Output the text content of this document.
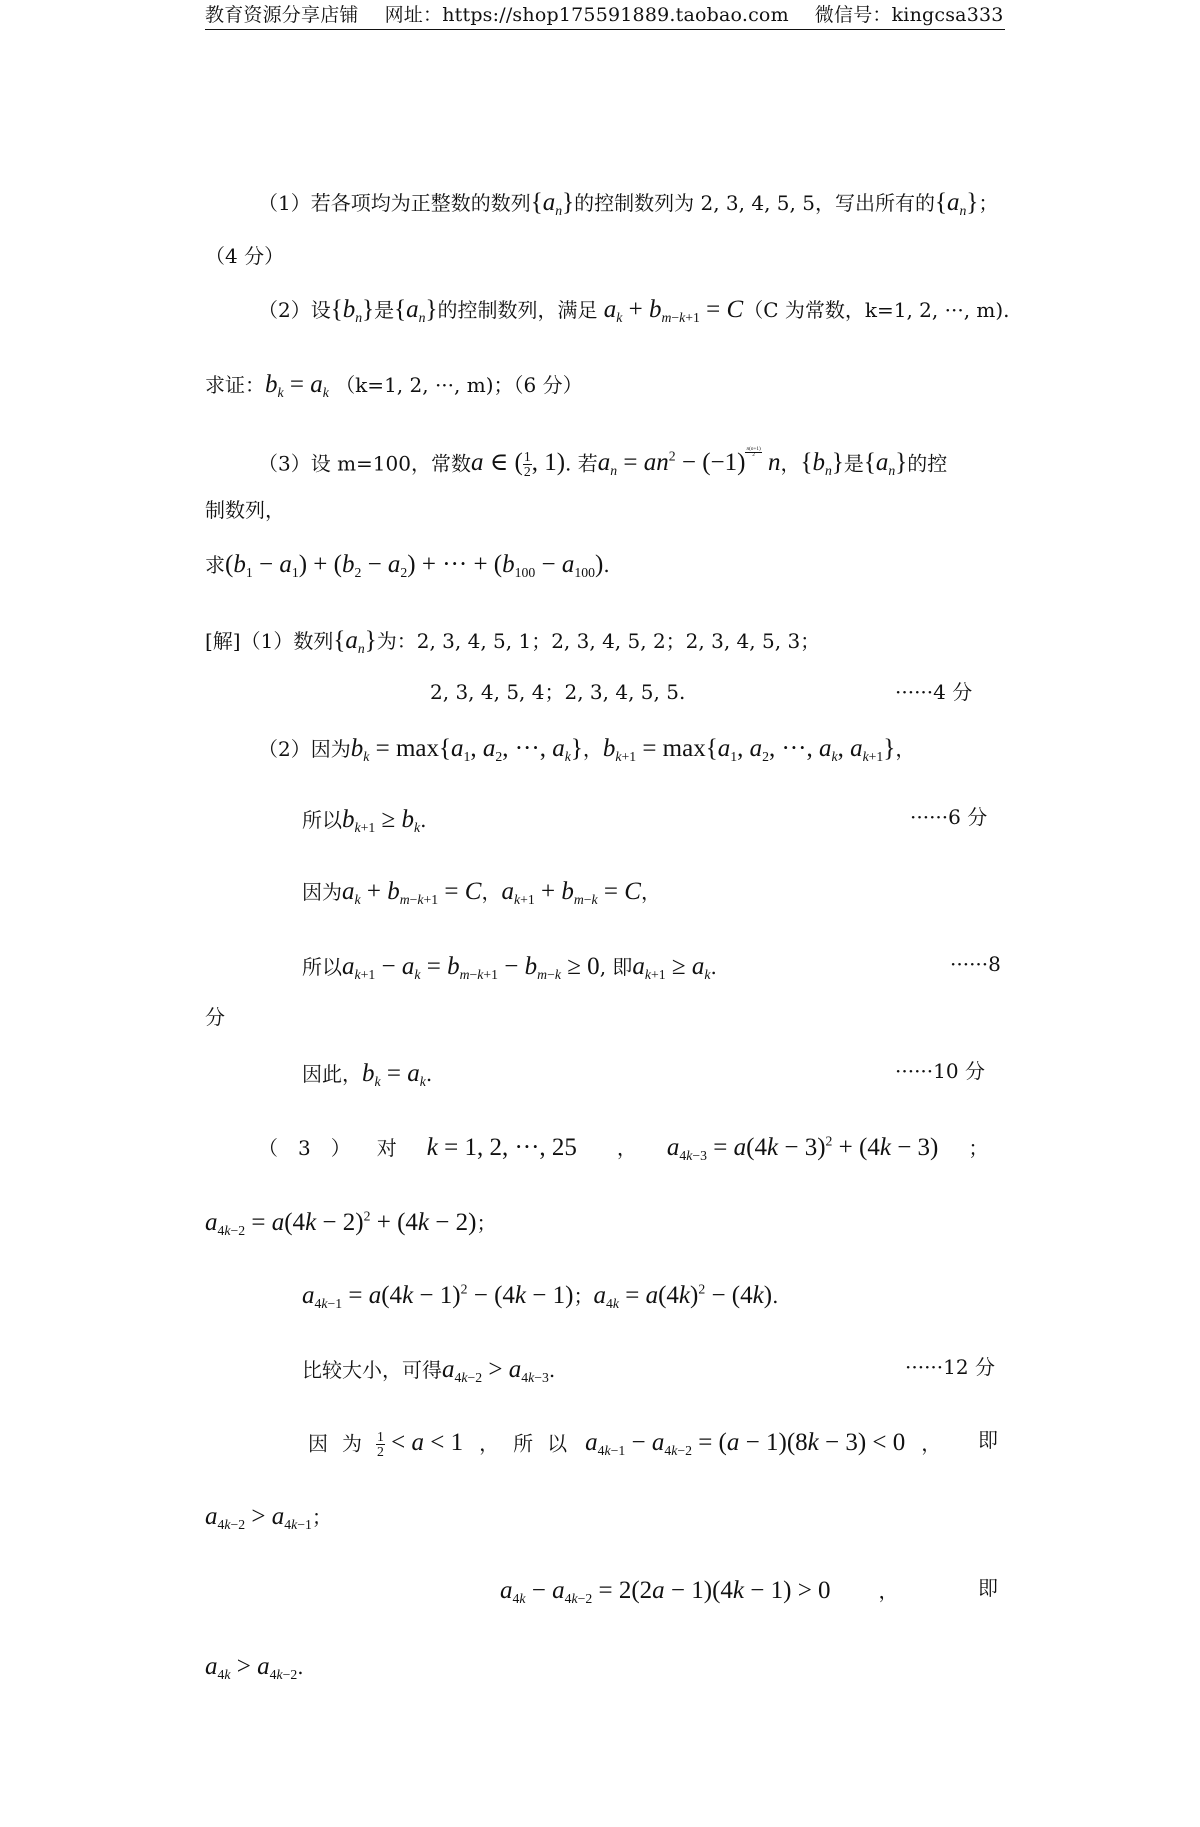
教育资源分享店铺 网址：https://shop175591889.taobao.com 微信号：kingcsa333
（1）若各项均为正整数的数列$\{a_n\}$的控制数列为 2, 3, 4, 5, 5，写出所有的$\{a_n\}$；
（4 分）
（2）设$\{b_n\}$是$\{a_n\}$的控制数列，满足 $a_k + b_{m-k+1} = C(C$ 为常数，k=1, 2, ···, m).
求证：$b_k = a_k$ （k=1, 2, ···, m)；（6 分）
（3）设 m=100，常数a ∈ ( $\frac{1}{2}$ , 1). 若$a_n = an^2 - (-1)$ $^{\frac{n(n+1)}{2}}$ n，$\{b_n\}$是$\{a_n\}$的控
制数列，
求$(b_1 - a_1) + (b_2 - a_2)$ + ··· + $(b_{100} - a_{100})$.
[解]（1）数列$\{a_n\}$为：2, 3, 4, 5, 1；2, 3, 4, 5, 2；2, 3, 4, 5, 3；
2, 3, 4, 5, 4；2, 3, 4, 5, 5.	······4 分
（2）因为$b_k = \max\{a_1$, $a_2$, ···, $a_k$}，$b_{k+1} = \max\{a_1$, $a_2$, ···, $a_k$, $a_{k+1}$}，
所以$b_{k+1} \ge b_k$.	······6 分
因为$a_k + b_{m-k+1} = C$，$a_{k+1} + b_{m-k} = C$，
所以$a_{k+1} - a_k = b_{m-k+1} - b_{m-k} \ge 0$, 即$a_{k+1} \ge a_k$.	······8
分
因此，$b_k = a_k$.	······10 分
（ 3 ） 对 k = 1, 2, ···, 25 ， $a_{4k-3} = a(4k - 3)^2 + (4k - 3)$ ；
$a_{4k-2} = a(4k - 2)^2 + (4k - 2)$；
$a_{4k-1} = a(4k - 1)^2 - (4k - 1)$；$a_{4k} = a(4k)^2 - (4k)$.
比较大小，可得$a_{4k-2} > a_{4k-3}$.	······12 分
因 为 $\frac{1}{2} < a < 1$ ， 所 以 $a_{4k-1} - a_{4k-2} = (a - 1)(8k - 3) < 0$ ， 即
$a_{4k-2} > a_{4k-1}$；
$a_{4k} - a_{4k-2} = 2(2a - 1)(4k - 1) > 0$ ，	即
$a_{4k} > a_{4k-2}$.
